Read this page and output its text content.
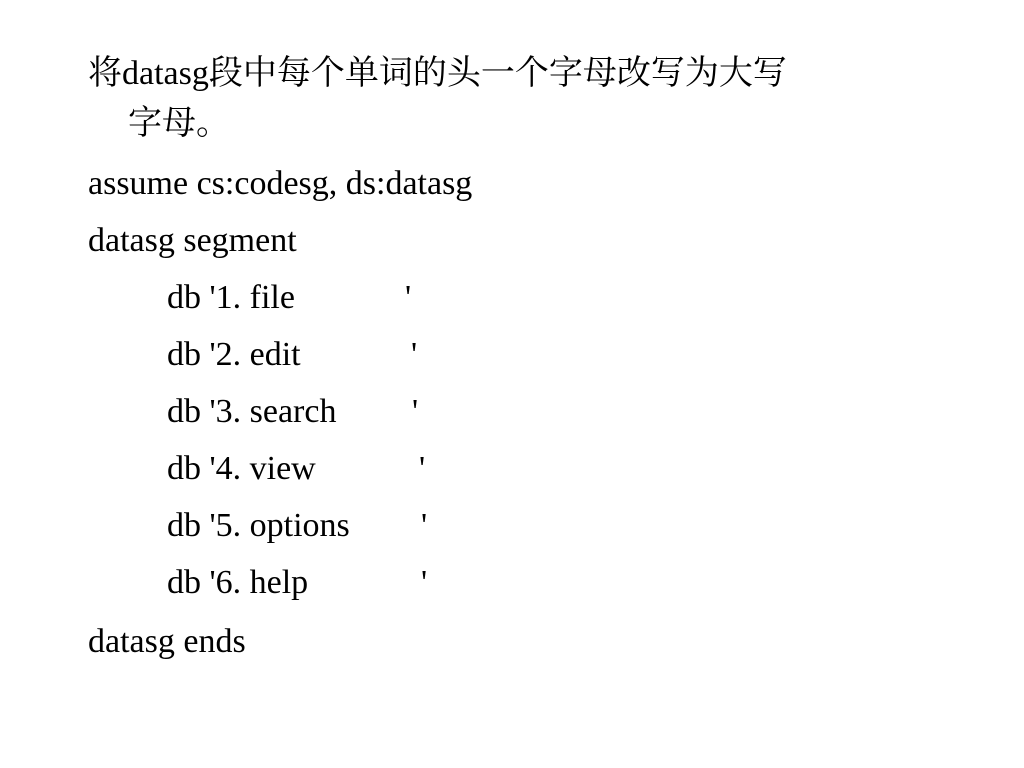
将datasg段中每个单词的头一个字母改写为大写

字母。

assume cs:codesg, ds:datasg

datasg segment

db '1. file	'
db '2. edit	'
db '3. search '
db '4. view	'
db '5. options '
db '6. help	'

datasg ends
